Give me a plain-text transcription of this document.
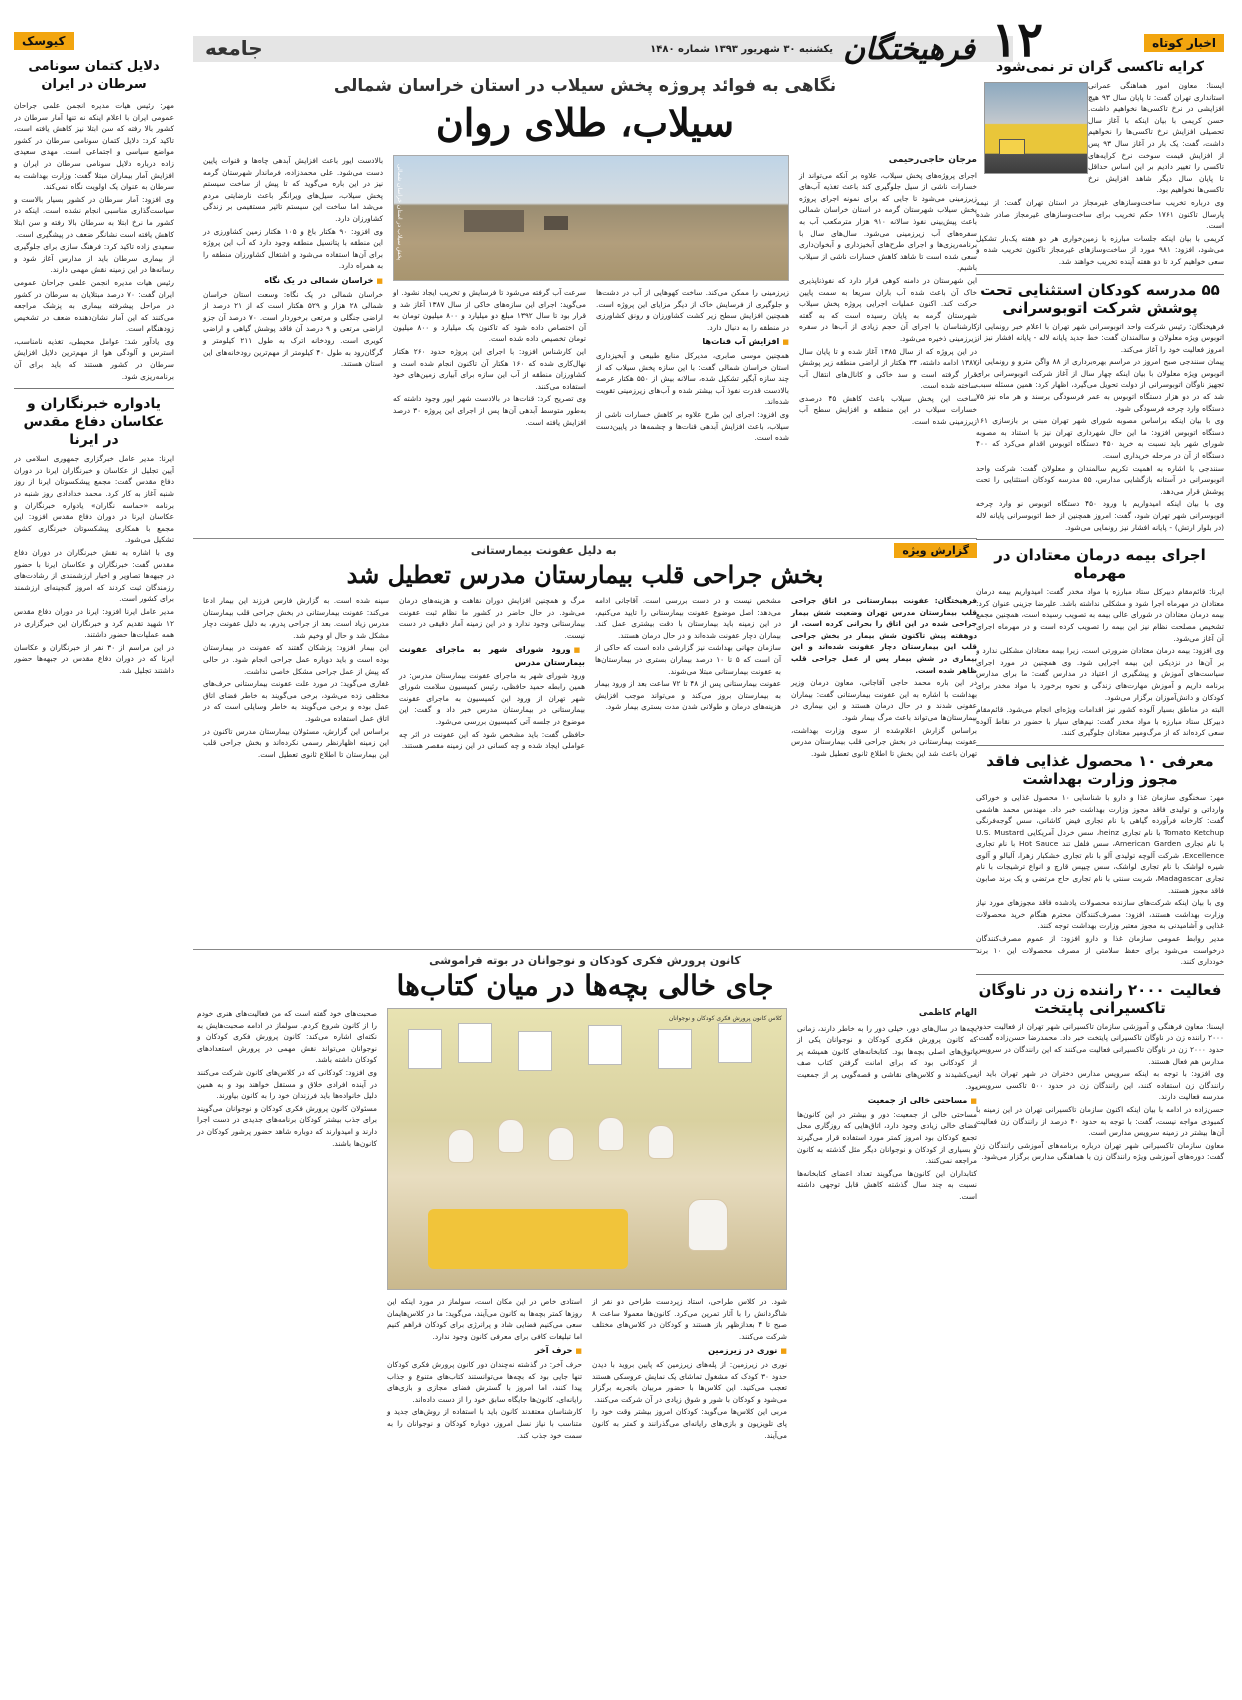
جامعه	۱۲
فرهیختگان
یکشنبه ۳۰ شهریور ۱۳۹۳ شماره ۱۴۸۰	اخبار کوتاه
کرایه تاکسی گران تر نمی‌شود

ایسنا: معاون امور هماهنگی عمرانی استانداری تهران گفت: تا پایان سال ۹۳ هیچ افزایشی در نرخ تاکسی‌ها نخواهیم داشت. حسن کریمی با بیان اینکه با آغاز سال تحصیلی افزایش نرخ تاکسی‌ها را نخواهیم داشت، گفت: یک بار در آغاز سال ۹۳ پس از افزایش قیمت سوخت نرخ کرایه‌های تاکسی را تغییر دادیم بر این اساس حداقل تا پایان سال دیگر شاهد افزایش نرخ تاکسی‌ها نخواهیم بود.

وی درباره تخریب ساخت‌وسازهای غیرمجاز در استان تهران گفت: از نیمه پارسال تاکنون ۱۷۶۱ حکم تخریب برای ساخت‌وسازهای غیرمجاز صادر شده است.

کریمی با بیان اینکه جلسات مبارزه با زمین‌خواری هر دو هفته یک‌بار تشکیل می‌شود، افزود: ۹۸۱ مورد از ساخت‌وسازهای غیرمجاز تاکنون تخریب شده و سعی خواهیم کرد تا دو هفته آینده تخریب خواهند شد.

۵۵ مدرسه کودکان استثنایی تحت پوشش شرکت اتوبوسرانی

فرهیختگان: رئیس شرکت واحد اتوبوسرانی شهر تهران با اعلام خبر رونمایی از اتوبوس ویژه معلولان و سالمندان گفت: خط جدید پایانه لاله - پایانه افشار نیز از امروز فعالیت خود را آغاز می‌کند.

پیمان سنندجی صبح امروز در مراسم بهره‌برداری از ۸۸ واگن مترو و رونمایی از اتوبوس ویژه معلولان با بیان اینکه چهار سال از آغاز شرکت اتوبوسرانی برای تجهیز ناوگان اتوبوسرانی از دولت تحویل می‌گیرد، اظهار کرد: همین مسئله سبب شد که در دو هزار دستگاه اتوبوس به عمر فرسودگی برسند و هر ماه نیز ۷۵ دستگاه وارد چرخه فرسودگی شود.

وی با بیان اینکه براساس مصوبه شورای شهر تهران مبنی بر بازسازی ۱۶۱ دستگاه اتوبوس افزود: ما این حال شهرداری تهران نیز با استناد به مصوبه شورای شهر باید نسبت به خرید ۴۵۰ دستگاه اتوبوس اقدام می‌کرد که ۴۰۰ دستگاه از آن در مرحله خریداری است.

سنندجی با اشاره به اهمیت تکریم سالمندان و معلولان گفت: شرکت واحد اتوبوسرانی در آستانه بازگشایی مدارس، ۵۵ مدرسه کودکان استثنایی را تحت پوشش قرار می‌دهد.

وی با بیان اینکه امیدواریم با ورود ۴۵۰ دستگاه اتوبوس نو وارد چرخه اتوبوسرانی شهر تهران شود، گفت: امروز همچنین از خط اتوبوسرانی پایانه لاله (در بلوار ارتش) - پایانه افشار نیز رونمایی می‌شود.

اجرای بیمه درمان معتادان در مهرماه

ایرنا: قائم‌مقام دبیرکل ستاد مبارزه با مواد مخدر گفت: امیدواریم بیمه درمان معتادان در مهرماه اجرا شود و مشکلی نداشته باشد. علیرضا جزینی عنوان کرد: بیمه درمان معتادان در شورای عالی بیمه به تصویب رسیده است، همچنین مجمع تشخیص مصلحت نظام نیز این بیمه را تصویب کرده است و در مهرماه اجرای آن آغاز می‌شود.

وی افزود: بیمه درمان معتادان ضرورتی است، زیرا بیمه معتادان مشکلی ندارد و بر آن‌ها در نزدیکی این بیمه اجرایی شود. وی همچنین در مورد اجرای سیاست‌های آموزش و پیشگیری از اعتیاد در مدارس گفت: ما برای مدارس برنامه داریم و آموزش مهارت‌های زندگی و نحوه برخورد با مواد مخدر برای کودکان و دانش‌آموزان برگزار می‌شود.

البته در مناطق بسیار آلوده کشور نیز اقدامات ویژه‌ای انجام می‌شود. قائم‌مقام دبیرکل ستاد مبارزه با مواد مخدر گفت: نیم‌های سیار با حضور در نقاط آلوده سعی کرده‌اند که از مرگ‌ومیر معتادان جلوگیری کنند.

معرفی ۱۰ محصول غذایی فاقد مجوز وزارت بهداشت

مهر: سخنگوی سازمان غذا و دارو با شناسایی ۱۰ محصول غذایی و خوراکی وارداتی و تولیدی فاقد مجوز وزارت بهداشت خبر داد. مهندس محمد هاشمی گفت: کارخانه فرآورده گیاهی با نام تجاری فیض کاشانی، سس گوجه‌فرنگی Tomato Ketchup با نام تجاری heinz، سس خردل آمریکایی U.S. Mustard با نام تجاری American Garden، سس فلفل تند Hot Sauce با نام تجاری Excellence، شرکت آلوچه تولیدی آلو با نام تجاری خشکبار زهرا، آلبالو و آلوی شیره لواشک با نام تجاری لواشک، سس چیپس قارچ و انواع ترشیجات با نام تجاری Madagascar، شربت سنتی با نام تجاری حاج مرتضی و یک برند صابون فاقد مجوز هستند.

وی با بیان اینکه شرکت‌های سازنده محصولات یادشده فاقد مجوزهای مورد نیاز وزارت بهداشت هستند، افزود: مصرف‌کنندگان محترم هنگام خرید محصولات غذایی و آشامیدنی به مجوز معتبر وزارت بهداشت توجه کنند.

مدیر روابط عمومی سازمان غذا و دارو افزود: از عموم مصرف‌کنندگان درخواست می‌شود برای حفظ سلامتی از مصرف محصولات این ۱۰ برند خودداری کنند.

فعالیت ۲۰۰۰ راننده زن در ناوگان تاکسیرانی پایتخت

ایسنا: معاون فرهنگی و آموزشی سازمان تاکسیرانی شهر تهران از فعالیت حدود ۲۰۰۰ راننده زن در ناوگان تاکسیرانی پایتخت خبر داد. محمدرضا حسن‌زاده گفت: حدود ۲۰۰۰ زن در ناوگان تاکسیرانی فعالیت می‌کنند که این رانندگان در سرویس مدارس هم فعال هستند.

وی افزود: با توجه به اینکه سرویس مدارس دختران در شهر تهران باید از رانندگان زن استفاده کنند، این رانندگان زن در حدود ۵۰۰ تاکسی سرویس مدرسه فعالیت دارند.

حسن‌زاده در ادامه با بیان اینکه اکنون سازمان تاکسیرانی تهران در این زمینه با کمبودی مواجه نیست، گفت: با توجه به حدود ۴۰ درصد از رانندگان زن فعالیت آن‌ها بیشتر در زمینه سرویس مدارس است.

معاون سازمان تاکسیرانی شهر تهران درباره برنامه‌های آموزشی رانندگان زن گفت: دوره‌های آموزشی ویژه رانندگان زن با هماهنگی مدارس برگزار می‌شود.

کیوسک
دلایل کتمان سونامی سرطان در ایران

مهر: رئیس هیات مدیره انجمن علمی جراحان عمومی ایران با اعلام اینکه نه تنها آمار سرطان در کشور بالا رفته که سن ابتلا نیز کاهش یافته است، تاکید کرد: دلایل کتمان سونامی سرطان در کشور مواضع سیاسی و اجتماعی است. مهدی سعیدی زاده درباره دلایل سونامی سرطان در ایران و افزایش آمار بیماران مبتلا گفت: وزارت بهداشت به سرطان به عنوان یک اولویت نگاه نمی‌کند.

وی افزود: آمار سرطان در کشور بسیار بالاست و سیاست‌گذاری مناسبی انجام نشده است. اینکه در کشور ما نرخ ابتلا به سرطان بالا رفته و سن ابتلا کاهش یافته است نشانگر ضعف در پیشگیری است.

سعیدی زاده تاکید کرد: فرهنگ سازی برای جلوگیری از بیماری سرطان باید از مدارس آغاز شود و رسانه‌ها در این زمینه نقش مهمی دارند.

رئیس هیات مدیره انجمن علمی جراحان عمومی ایران گفت: ۷۰ درصد مبتلایان به سرطان در کشور در مراحل پیشرفته بیماری به پزشک مراجعه می‌کنند که این آمار نشان‌دهنده ضعف در تشخیص زودهنگام است.

وی یادآور شد: عوامل محیطی، تغذیه نامناسب، استرس و آلودگی هوا از مهم‌ترین دلایل افزایش سرطان در کشور هستند که باید برای آن برنامه‌ریزی شود.

یادواره خبرنگاران و عکاسان دفاع مقدس در ایرنا

ایرنا: مدیر عامل خبرگزاری جمهوری اسلامی در آیین تجلیل از عکاسان و خبرنگاران ایرنا در دوران دفاع مقدس گفت: مجمع پیشکسوتان ایرنا از روز شنبه آغاز به کار کرد. محمد خدادادی روز شنبه در برنامه «حماسه نگاران» یادواره خبرنگاران و عکاسان ایرنا در دوران دفاع مقدس افزود: این مجمع با همکاری پیشکسوتان خبرنگاری کشور تشکیل می‌شود.

وی با اشاره به نقش خبرنگاران در دوران دفاع مقدس گفت: خبرنگاران و عکاسان ایرنا با حضور در جبهه‌ها تصاویر و اخبار ارزشمندی از رشادت‌های رزمندگان ثبت کردند که امروز گنجینه‌ای ارزشمند برای کشور است.

مدیر عامل ایرنا افزود: ایرنا در دوران دفاع مقدس ۱۲ شهید تقدیم کرد و خبرنگاران این خبرگزاری در همه عملیات‌ها حضور داشتند.

در این مراسم از ۳۰ نفر از خبرنگاران و عکاسان ایرنا که در دوران دفاع مقدس در جبهه‌ها حضور داشتند تجلیل شد.

نگاهی به فوائد پروژه پخش سیلاب در استان خراسان شمالی
سیلاب، طلای روان
مرجان حاجی‌رحیمی

اجرای پروژه‌های پخش سیلاب، علاوه بر آنکه می‌تواند از خسارات ناشی از سیل جلوگیری کند باعث تغذیه آب‌های زیرزمینی می‌شود تا جایی که برای نمونه اجرای پروژه پخش سیلاب شهرستان گرمه در استان خراسان شمالی باعث پیش‌بینی نفوذ سالانه ۹۱۰ هزار مترمکعب آب به سفره‌های آب زیرزمینی می‌شود. سال‌های سال با برنامه‌ریزی‌ها و اجرای طرح‌های آبخیزداری و آبخوان‌داری سعی شده است تا شاهد کاهش خسارات ناشی از سیلاب باشیم.

این شهرستان در دامنه کوهی قرار دارد که نفوذناپذیری خاک آن باعث شده آب باران سریعا به سمت پایین حرکت کند. اکنون عملیات اجرایی پروژه پخش سیلاب شهرستان گرمه به پایان رسیده است که به گفته کارشناسان با اجرای آن حجم زیادی از آب‌ها در سفره زیرزمینی ذخیره می‌شود.

در این پروژه که از سال ۱۳۸۵ آغاز شده و تا پایان سال ۱۳۸۷ ادامه داشته، ۳۴ هکتار از اراضی منطقه زیر پوشش قرار گرفته است و سد خاکی و کانال‌های انتقال آب ساخته شده است.

ساخت این پخش سیلاب باعث کاهش ۴۵ درصدی خسارات سیلاب در این منطقه و افزایش سطح آب زیرزمینی شده است.

پخش سیلاب در استان خراسان شمالی

زیرزمینی را ممکن می‌کند. ساخت کهوهایی از آب در دشت‌ها و جلوگیری از فرسایش خاک از دیگر مزایای این پروژه است. همچنین افزایش سطح زیر کشت کشاورزان و رونق کشاورزی در منطقه را به دنبال دارد.

■ افزایش آب قنات‌ها

همچنین موسی صابری، مدیرکل منابع طبیعی و آبخیزداری استان خراسان شمالی گفت: با این سازه پخش سیلاب که از چند سازه آبگیر تشکیل شده، سالانه بیش از ۵۵۰ هکتار عرصه بالادست قدرت نفوذ آب بیشتر شده و آب‌های زیرزمینی تقویت شده‌اند.

وی افزود: اجرای این طرح علاوه بر کاهش خسارات ناشی از سیلاب، باعث افزایش آبدهی قنات‌ها و چشمه‌ها در پایین‌دست شده است.

سرعت آب گرفته می‌شود تا فرسایش و تخریب ایجاد نشود. او می‌گوید: اجرای این سازه‌های خاکی از سال ۱۳۸۷ آغاز شد و قرار بود تا سال ۱۳۹۲ مبلغ دو میلیارد و ۸۰۰ میلیون تومان به آن اختصاص داده شود که تاکنون یک میلیارد و ۸۰۰ میلیون تومان تخصیص داده شده است.

این کارشناس افزود: با اجرای این پروژه حدود ۲۶۰ هکتار نهال‌کاری شده که ۱۶۰ هکتار آن تاکنون انجام شده است و کشاورزان منطقه از آب این سازه برای آبیاری زمین‌های خود استفاده می‌کنند.

وی تصریح کرد: قنات‌ها در بالادست شهر ایور وجود داشته که به‌طور متوسط آبدهی آن‌ها پس از اجرای این پروژه ۳۰ درصد افزایش یافته است.

بالادست ایور باعث افزایش آبدهی چاه‌ها و قنوات پایین دست می‌شود. علی محمدزاده، فرماندار شهرستان گرمه نیز در این باره می‌گوید که تا پیش از ساخت سیستم پخش سیلاب، سیل‌های ویرانگر باعث نارضایتی مردم می‌شد اما ساخت این سیستم تاثیر مستقیمی بر زندگی کشاورزان دارد.

وی افزود: ۹۰ هکتار باغ و ۱۰۵ هکتار زمین کشاورزی در این منطقه با پتانسیل منطقه وجود دارد که آب این پروژه برای آن‌ها استفاده می‌شود و اشتغال کشاورزان منطقه را به همراه دارد.

■ خراسان شمالی در یک نگاه

خراسان شمالی در یک نگاه: وسعت استان خراسان شمالی ۲۸ هزار و ۵۲۹ هکتار است که از ۲۱ درصد از اراضی جنگلی و مرتعی برخوردار است. ۷۰ درصد آن جزو اراضی مرتعی و ۹ درصد آن فاقد پوشش گیاهی و اراضی کویری است. رودخانه اترک به طول ۲۱۱ کیلومتر و گرگان‌رود به طول ۴۰ کیلومتر از مهم‌ترین رودخانه‌های این استان هستند.

گزارش ویژه
به دلیل عفونت بیمارستانی
بخش جراحی قلب بیمارستان مدرس تعطیل شد

فرهیختگان: عفونت بیمارستانی در اتاق جراحی قلب بیمارستان مدرس تهران وضعیت شش بیمار جراحی شده در این اتاق را بحرانی کرده است. از دوهفته پیش تاکنون شش بیمار در بخش جراحی قلب این بیمارستان دچار عفونت شده‌اند و این بیماری در شش بیمار پس از عمل جراحی قلب ظاهر شده است.

در این باره محمد حاجی آقاجانی، معاون درمان وزیر بهداشت با اشاره به این عفونت بیمارستانی گفت: بیماران عفونی شدند و در حال درمان هستند و این بیماری در بیمارستان‌ها می‌تواند باعث مرگ بیمار شود.

براساس گزارش اعلام‌شده از سوی وزارت بهداشت، عفونت بیمارستانی در بخش جراحی قلب بیمارستان مدرس تهران باعث شد این بخش تا اطلاع ثانوی تعطیل شود.

مشخص نیست و در دست بررسی است. آقاجانی ادامه می‌دهد: اصل موضوع عفونت بیمارستانی را تایید می‌کنیم، در این زمینه باید بیمارستان با دقت بیشتری عمل کند. بیماران دچار عفونت شده‌اند و در حال درمان هستند.

سازمان جهانی بهداشت نیز گزارشی داده است که حاکی از آن است که ۵ تا ۱۰ درصد بیماران بستری در بیمارستان‌ها به عفونت بیمارستانی مبتلا می‌شوند.

عفونت بیمارستانی پس از ۴۸ تا ۷۲ ساعت بعد از ورود بیمار به بیمارستان بروز می‌کند و می‌تواند موجب افزایش هزینه‌های درمان و طولانی شدن مدت بستری بیمار شود.

مرگ و همچنین افزایش دوران نقاهت و هزینه‌های درمان می‌شود. در حال حاضر در کشور ما نظام ثبت عفونت بیمارستانی وجود ندارد و در این زمینه آمار دقیقی در دست نیست.

■ ورود شورای شهر به ماجرای عفونت بیمارستان مدرس

ورود شورای شهر به ماجرای عفونت بیمارستان مدرس: در همین رابطه حمید حافظی، رئیس کمیسیون سلامت شورای شهر تهران از ورود این کمیسیون به ماجرای عفونت بیمارستانی در بیمارستان مدرس خبر داد و گفت: این موضوع در جلسه آتی کمیسیون بررسی می‌شود.

حافظی گفت: باید مشخص شود که این عفونت در اثر چه عواملی ایجاد شده و چه کسانی در این زمینه مقصر هستند.

سینه شده است. به گزارش فارس فرزند این بیمار ادعا می‌کند: عفونت بیمارستانی در بخش جراحی قلب بیمارستان مدرس زیاد است. بعد از جراحی پدرم، به دلیل عفونت دچار مشکل شد و حال او وخیم شد.

این بیمار افزود: پزشکان گفتند که عفونت در بیمارستان بوده است و باید دوباره عمل جراحی انجام شود. در حالی که پیش از عمل جراحی مشکل خاصی نداشت.

غفاری می‌گوید: در مورد علت عفونت بیمارستانی حرف‌های مختلفی زده می‌شود، برخی می‌گویند به خاطر فضای اتاق عمل بوده و برخی می‌گویند به خاطر وسایلی است که در اتاق عمل استفاده می‌شود.

براساس این گزارش، مسئولان بیمارستان مدرس تاکنون در این زمینه اظهارنظر رسمی نکرده‌اند و بخش جراحی قلب این بیمارستان تا اطلاع ثانوی تعطیل است.

کانون پرورش فکری کودکان و نوجوانان در بوته فراموشی
جای خالی بچه‌ها در میان کتاب‌ها
الهام کاظمی

بچه‌ها در سال‌های دور، خیلی دور را به خاطر دارند، زمانی که کانون پرورش فکری کودکان و نوجوانان یکی از پاتوق‌های اصلی بچه‌ها بود. کتابخانه‌های کانون همیشه پر از کودکانی بود که برای امانت گرفتن کتاب صف می‌کشیدند و کلاس‌های نقاشی و قصه‌گویی پر از جمعیت بود.

■ مساحتی خالی از جمعیت

مساحتی خالی از جمعیت: دور و بیشتر در این کانون‌ها فضای خالی زیادی وجود دارد، اتاق‌هایی که روزگاری محل تجمع کودکان بود امروز کمتر مورد استفاده قرار می‌گیرند و بسیاری از کودکان و نوجوانان دیگر مثل گذشته به کانون مراجعه نمی‌کنند.

کتابداران این کانون‌ها می‌گویند تعداد اعضای کتابخانه‌ها نسبت به چند سال گذشته کاهش قابل توجهی داشته است.

کلاس کانون پرورش فکری کودکان و نوجوانان

شود. در کلاس طراحی، استاد زیردست طراحی دو نفر از شاگردانش را با آثار تمرین می‌کرد. کانون‌ها معمولا ساعت ۸ صبح تا ۴ بعدازظهر باز هستند و کودکان در کلاس‌های مختلف شرکت می‌کنند.

■ نوری در زیرزمین

نوری در زیرزمین: از پله‌های زیرزمین که پایین بروید با دیدن حدود ۳۰ کودک که مشغول تماشای یک نمایش عروسکی هستند تعجب می‌کنید. این کلاس‌ها با حضور مربیان باتجربه برگزار می‌شود و کودکان با شور و شوق زیادی در آن شرکت می‌کنند.

مربی این کلاس‌ها می‌گوید: کودکان امروز بیشتر وقت خود را پای تلویزیون و بازی‌های رایانه‌ای می‌گذرانند و کمتر به کانون می‌آیند.

استادی خاص در این مکان است، سولماز در مورد اینکه این روزها کمتر بچه‌ها به کانون می‌آیند، می‌گوید: ما در کلاس‌هایمان سعی می‌کنیم فضایی شاد و پرانرژی برای کودکان فراهم کنیم اما تبلیغات کافی برای معرفی کانون وجود ندارد.

■ حرف آخر

حرف آخر: در گذشته نه‌چندان دور کانون پرورش فکری کودکان تنها جایی بود که بچه‌ها می‌توانستند کتاب‌های متنوع و جذاب پیدا کنند، اما امروز با گسترش فضای مجازی و بازی‌های رایانه‌ای، کانون‌ها جایگاه سابق خود را از دست داده‌اند.

کارشناسان معتقدند کانون باید با استفاده از روش‌های جدید و متناسب با نیاز نسل امروز، دوباره کودکان و نوجوانان را به سمت خود جذب کند.

صحبت‌های خود گفته است که من فعالیت‌های هنری خودم را از کانون شروع کردم. سولماز در ادامه صحبت‌هایش به نکته‌ای اشاره می‌کند: کانون پرورش فکری کودکان و نوجوانان می‌تواند نقش مهمی در پرورش استعدادهای کودکان داشته باشد.

وی افزود: کودکانی که در کلاس‌های کانون شرکت می‌کنند در آینده افرادی خلاق و مستقل خواهند بود و به همین دلیل خانواده‌ها باید فرزندان خود را به کانون بیاورند.

مسئولان کانون پرورش فکری کودکان و نوجوانان می‌گویند برای جذب بیشتر کودکان برنامه‌های جدیدی در دست اجرا دارند و امیدوارند که دوباره شاهد حضور پرشور کودکان در کانون‌ها باشند.
